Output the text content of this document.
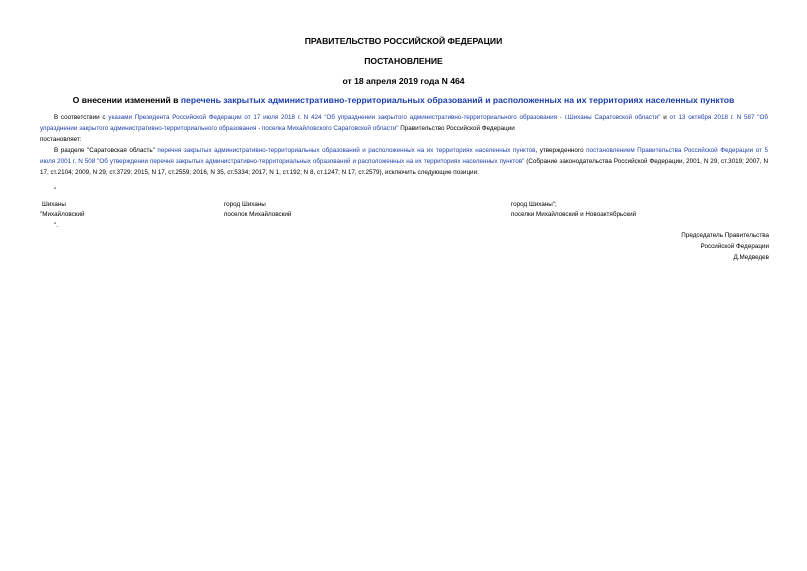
ПРАВИТЕЛЬСТВО РОССИЙСКОЙ ФЕДЕРАЦИИ
ПОСТАНОВЛЕНИЕ
от 18 апреля 2019 года N 464
О внесении изменений в перечень закрытых административно-территориальных образований и расположенных на их территориях населенных пунктов
В соответствии с указами Президента Российской Федерации от 17 июля 2018 г. N 424 "Об упразднении закрытого административно-территориального образования - г.Шиханы Саратовской области" и от 13 октября 2018 г. N 587 "Об упразднении закрытого административно-территориального образования - поселка Михайловского Саратовской области" Правительство Российской Федерации
постановляет:
В разделе "Саратовская область" перечня закрытых административно-территориальных образований и расположенных на их территориях населенных пунктов, утвержденного постановлением Правительства Российской Федерации от 5 июля 2001 г. N 508 "Об утверждении перечня закрытых административно-территориальных образований и расположенных на их территориях населенных пунктов" (Собрание законодательства Российской Федерации, 2001, N 29, ст.3019; 2007, N 17, ст.2104; 2009, N 29, ст.3729; 2015, N 17, ст.2559; 2016, N 35, ст.5334; 2017, N 1, ст.192; N 8, ст.1247; N 17, ст.2579), исключить следующие позиции:
"
Шиханы	город Шиханы	город Шиханы";
"Михайловский	поселок Михайловский	поселки Михайловский и Новоактябрьский
".
Председатель Правительства
Российской Федерации
Д.Медведев
